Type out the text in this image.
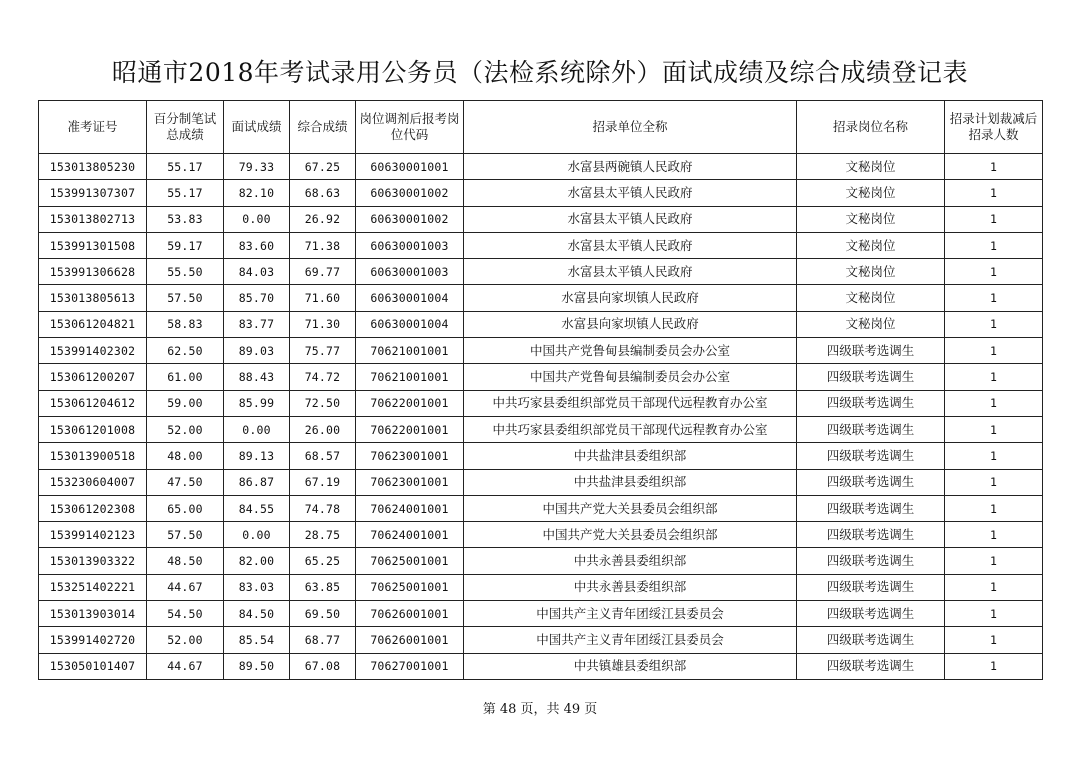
昭通市2018年考试录用公务员（法检系统除外）面试成绩及综合成绩登记表
准考证号	百分制笔试总成绩	面试成绩	综合成绩	岗位调剂后报考岗位代码	招录单位全称	招录岗位名称	招录计划裁减后招录人数
153013805230	55.17	79.33	67.25	60630001001	水富县两碗镇人民政府	文秘岗位	1
153991307307	55.17	82.10	68.63	60630001002	水富县太平镇人民政府	文秘岗位	1
153013802713	53.83	0.00	26.92	60630001002	水富县太平镇人民政府	文秘岗位	1
153991301508	59.17	83.60	71.38	60630001003	水富县太平镇人民政府	文秘岗位	1
153991306628	55.50	84.03	69.77	60630001003	水富县太平镇人民政府	文秘岗位	1
153013805613	57.50	85.70	71.60	60630001004	水富县向家坝镇人民政府	文秘岗位	1
153061204821	58.83	83.77	71.30	60630001004	水富县向家坝镇人民政府	文秘岗位	1
153991402302	62.50	89.03	75.77	70621001001	中国共产党鲁甸县编制委员会办公室	四级联考选调生	1
153061200207	61.00	88.43	74.72	70621001001	中国共产党鲁甸县编制委员会办公室	四级联考选调生	1
153061204612	59.00	85.99	72.50	70622001001	中共巧家县委组织部党员干部现代远程教育办公室	四级联考选调生	1
153061201008	52.00	0.00	26.00	70622001001	中共巧家县委组织部党员干部现代远程教育办公室	四级联考选调生	1
153013900518	48.00	89.13	68.57	70623001001	中共盐津县委组织部	四级联考选调生	1
153230604007	47.50	86.87	67.19	70623001001	中共盐津县委组织部	四级联考选调生	1
153061202308	65.00	84.55	74.78	70624001001	中国共产党大关县委员会组织部	四级联考选调生	1
153991402123	57.50	0.00	28.75	70624001001	中国共产党大关县委员会组织部	四级联考选调生	1
153013903322	48.50	82.00	65.25	70625001001	中共永善县委组织部	四级联考选调生	1
153251402221	44.67	83.03	63.85	70625001001	中共永善县委组织部	四级联考选调生	1
153013903014	54.50	84.50	69.50	70626001001	中国共产主义青年团绥江县委员会	四级联考选调生	1
153991402720	52.00	85.54	68.77	70626001001	中国共产主义青年团绥江县委员会	四级联考选调生	1
153050101407	44.67	89.50	67.08	70627001001	中共镇雄县委组织部	四级联考选调生	1
第 48 页，共 49 页
